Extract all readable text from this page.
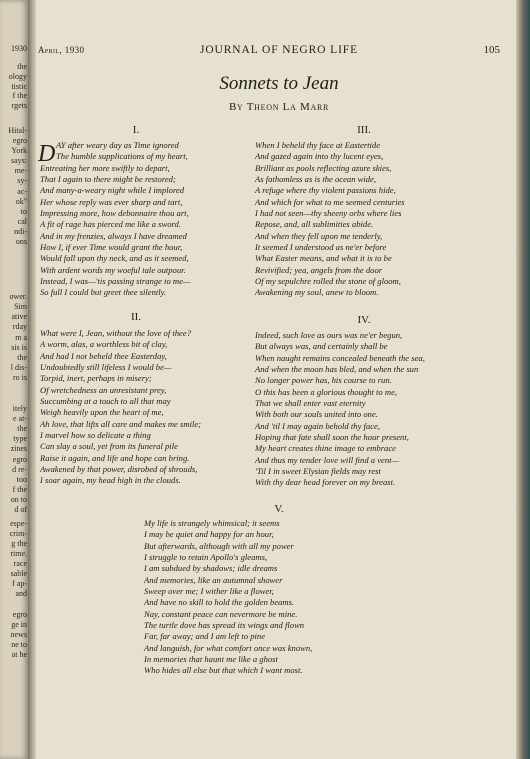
1930
the
ology
tistic
f the
rgets
Hital-
egro
York
says:
me-
sy-
ac-
ok"
to
cal
ndi-
ons
ower.
Sim
ative
rday
m a
sis is
the
l dis-
ro is
itely
e at-
the
type
zines
egro
d re-
too
f the
on to
d of
espe-
crim-
g the
rime.
race
sable
f ap-
and
egro
ge in
news
ne to
at he
April, 1930	JOURNAL OF NEGRO LIFE	105
Sonnets to Jean
By Theon La Marr
I.
D AY after weary day as Time ignored
The humble supplications of my heart,
Entreating her more swiftly to depart,
That I again to there might be restored;
And many-a-weary night while I implored
Her whose reply was ever sharp and tart,
Impressing more, how debonnaire thou art,
A fit of rage has pierced me like a sword.
And in my frenzies, always I have dreamed
How I, if ever Time would grant the hour,
Would fall upon thy neck, and as it seemed,
With ardent words my woeful tale outpour.
Instead, I was—'tis passing strange to me—
So full I could but greet thee silently.
III.
When I beheld thy face at Eastertide
And gazed again into thy lucent eyes,
Brilliant as pools reflecting azure skies,
As fathomless as is the ocean wide,
A refuge where thy violent passions hide,
And which for what to me seemed centuries
I had not seen—thy sheeny orbs where lies
Repose, and, all sublimities abide.
And when they fell upon me tenderly,
It seemed I understood as ne'er before
What Easter means, and what it is to be
Revivified; yea, angels from the door
Of my sepulchre rolled the stone of gloom,
Awakening my soul, anew to bloom.
II.
What were I, Jean, without the love of thee?
A worm, alas, a worthless bit of clay,
And had I not beheld thee Easterday,
Undoubtedly still lifeless I would be—
Torpid, inert, perhaps in misery;
Of wretchedness an unresistant prey,
Succumbing at a touch to all that may
Weigh heavily upon the heart of me,
Ah love, that lifts all care and makes me smile;
I marvel how so delicate a thing
Can slay a soul, yet from its funeral pile
Raise it again, and life and hope can bring.
Awakened by that power, disrobed of shrouds,
I soar again, my head high in the clouds.
IV.
Indeed, such love as ours was ne'er begun,
But always was, and certainly shall be
When naught remains concealed beneath the sea,
And when the moon has bled, and when the sun
No longer power has, his course to run.
O this has been a glorious thought to me,
That we shall enter vast eternity
With both our souls united into one.
And 'til I may again behold thy face,
Hoping that fate shall soon the hour present,
My heart creates thine image to embrace
And thus my tender love will find a vent—
'Til I in sweet Elysian fields may rest
With thy dear head forever on my breast.
V.
My life is strangely whimsical; it seems
I may be quiet and happy for an hour,
But afterwards, although with all my power
I struggle to retain Apollo's gleams,
I am subdued by shadows; idle dreams
And memories, like an autumnal shower
Sweep over me; I wither like a flower,
And have no skill to hold the golden beams.
Nay, constant peace can nevermore be mine.
The turtle dove has spread its wings and flown
Far, far away; and I am left to pine
And languish, for what comfort once was known,
In memories that haunt me like a ghost
Who hides all else but that which I want most.
